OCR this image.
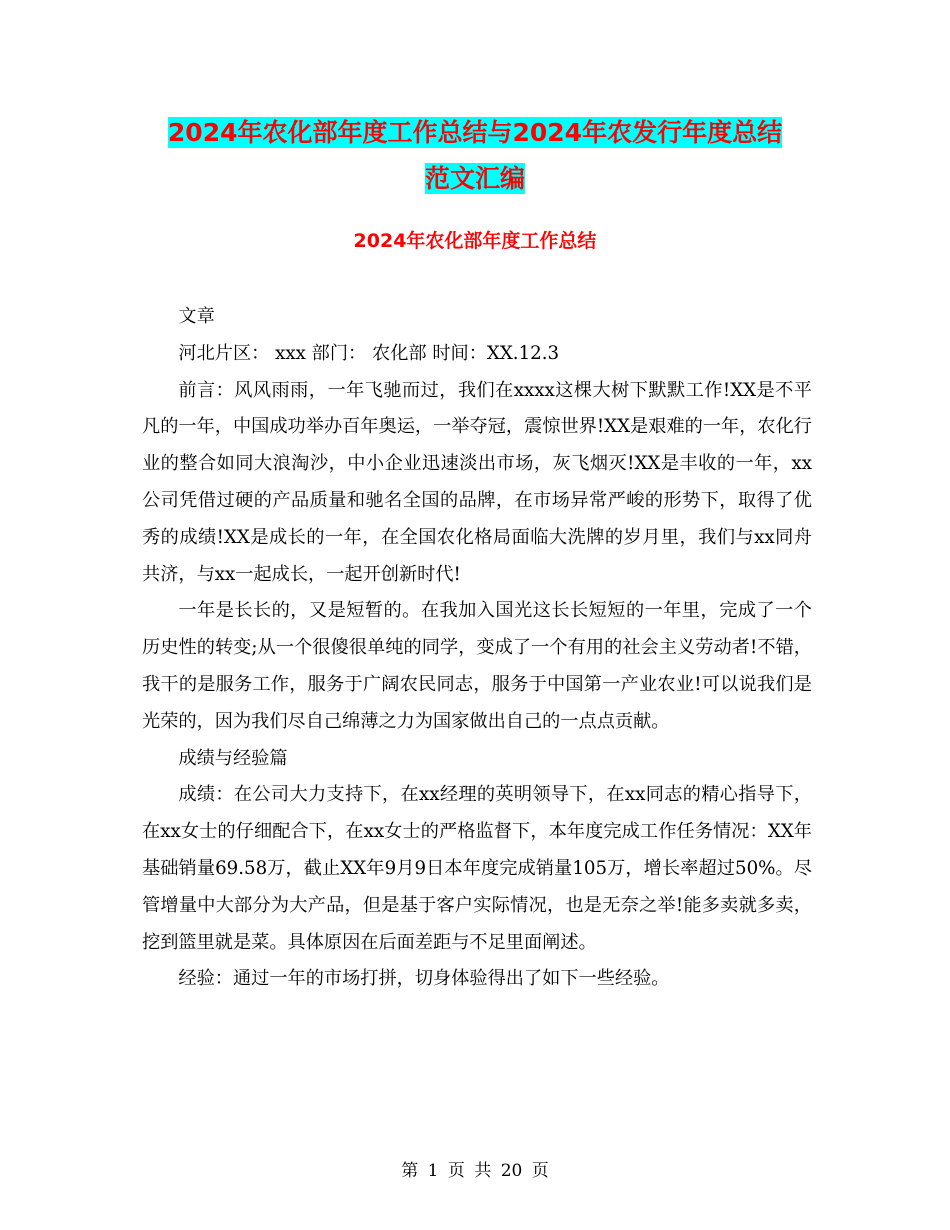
2024年农化部年度工作总结与2024年农发行年度总结
范文汇编
2024年农化部年度工作总结

文章

河北片区： xxx 部门： 农化部 时间：XX.12.3

前言：风风雨雨，一年飞驰而过，我们在xxxx这棵大树下默默工作!XX是不平凡的一年，中国成功举办百年奥运，一举夺冠，震惊世界!XX是艰难的一年，农化行业的整合如同大浪淘沙，中小企业迅速淡出市场，灰飞烟灭!XX是丰收的一年，xx公司凭借过硬的产品质量和驰名全国的品牌，在市场异常严峻的形势下，取得了优秀的成绩!XX是成长的一年，在全国农化格局面临大洗牌的岁月里，我们与xx同舟共济，与xx一起成长，一起开创新时代!

一年是长长的，又是短暂的。在我加入国光这长长短短的一年里，完成了一个历史性的转变;从一个很傻很单纯的同学，变成了一个有用的社会主义劳动者!不错，我干的是服务工作，服务于广阔农民同志，服务于中国第一产业农业!可以说我们是光荣的，因为我们尽自己绵薄之力为国家做出自己的一点点贡献。

成绩与经验篇

成绩：在公司大力支持下，在xx经理的英明领导下，在xx同志的精心指导下，在xx女士的仔细配合下，在xx女士的严格监督下，本年度完成工作任务情况：XX年基础销量69.58万，截止XX年9月9日本年度完成销量105万，增长率超过50%。尽管增量中大部分为大产品，但是基于客户实际情况，也是无奈之举!能多卖就多卖，挖到篮里就是菜。具体原因在后面差距与不足里面阐述。

经验：通过一年的市场打拼，切身体验得出了如下一些经验。

第 1 页 共 20 页
